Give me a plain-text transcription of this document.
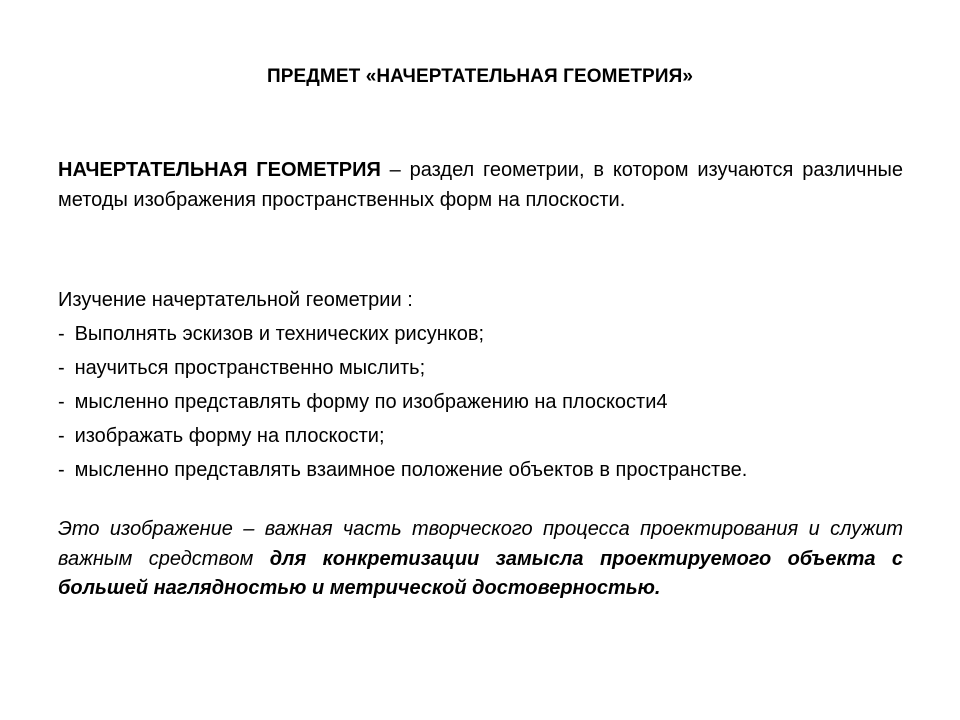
ПРЕДМЕТ «НАЧЕРТАТЕЛЬНАЯ ГЕОМЕТРИЯ»
НАЧЕРТАТЕЛЬНАЯ ГЕОМЕТРИЯ – раздел геометрии, в котором изучаются различные методы изображения пространственных форм на плоскости.
Изучение начертательной геометрии :
- Выполнять эскизов и технических рисунков;
- научиться пространственно мыслить;
- мысленно представлять форму по изображению на плоскости4
- изображать форму на плоскости;
- мысленно представлять взаимное положение объектов в пространстве.
Это изображение – важная часть творческого процесса проектирования и служит важным средством для конкретизации замысла проектируемого объекта с большей наглядностью и метрической достоверностью.
